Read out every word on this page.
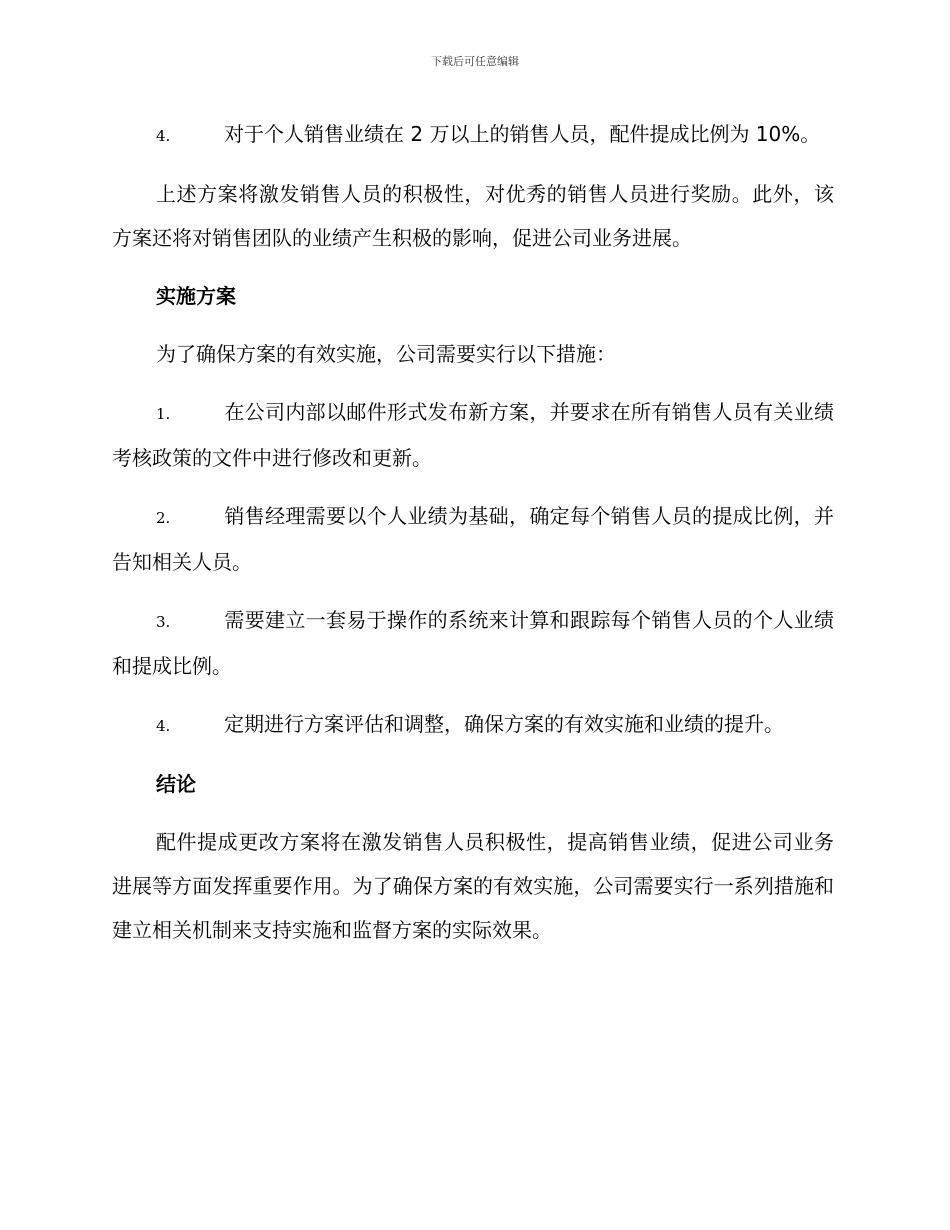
下载后可任意编辑

4.	对于个人销售业绩在 2 万以上的销售人员，配件提成比例为 10%。

上述方案将激发销售人员的积极性，对优秀的销售人员进行奖励。此外，该方案还将对销售团队的业绩产生积极的影响，促进公司业务进展。

实施方案

为了确保方案的有效实施，公司需要实行以下措施：

1.	在公司内部以邮件形式发布新方案，并要求在所有销售人员有关业绩考核政策的文件中进行修改和更新。

2.	销售经理需要以个人业绩为基础，确定每个销售人员的提成比例，并告知相关人员。

3.	需要建立一套易于操作的系统来计算和跟踪每个销售人员的个人业绩和提成比例。

4.	定期进行方案评估和调整，确保方案的有效实施和业绩的提升。

结论

配件提成更改方案将在激发销售人员积极性，提高销售业绩，促进公司业务进展等方面发挥重要作用。为了确保方案的有效实施，公司需要实行一系列措施和建立相关机制来支持实施和监督方案的实际效果。
